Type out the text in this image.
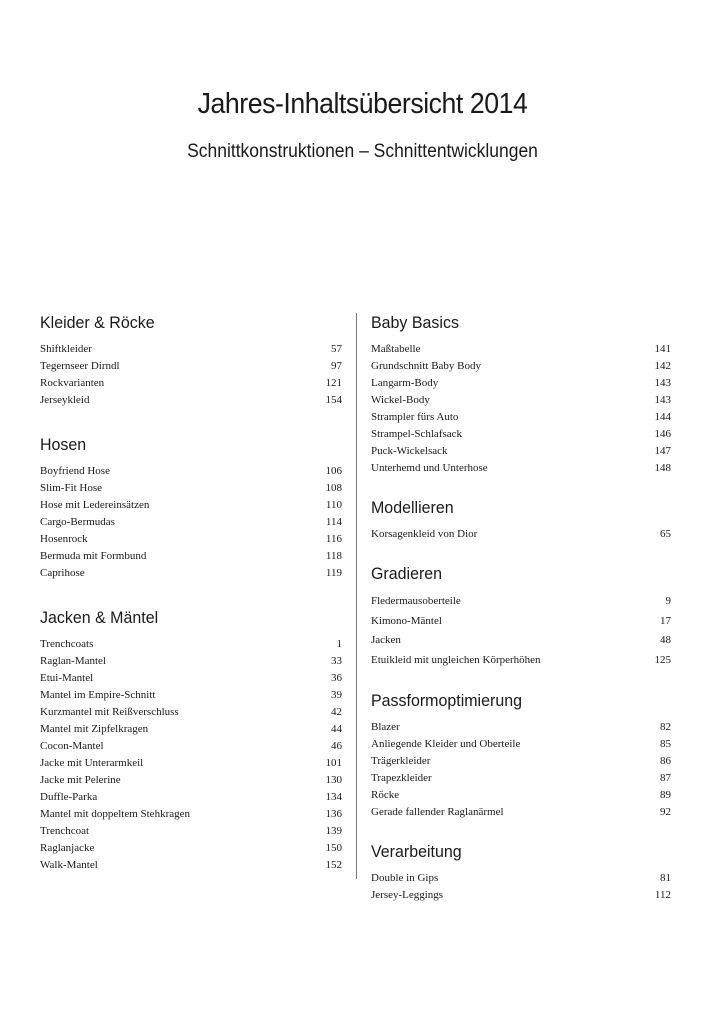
Jahres-Inhaltsübersicht 2014
Schnittkonstruktionen – Schnittentwicklungen
Kleider & Röcke
Shiftkleider	57
Tegernseer Dirndl	97
Rockvarianten	121
Jerseykleid	154
Hosen
Boyfriend Hose	106
Slim-Fit Hose	108
Hose mit Ledereinsätzen	110
Cargo-Bermudas	114
Hosenrock	116
Bermuda mit Formbund	118
Caprihose	119
Jacken & Mäntel
Trenchcoats	1
Raglan-Mantel	33
Etui-Mantel	36
Mantel im Empire-Schnitt	39
Kurzmantel mit Reißverschluss	42
Mantel mit Zipfelkragen	44
Cocon-Mantel	46
Jacke mit Unterarmkeil	101
Jacke mit Pelerine	130
Duffle-Parka	134
Mantel mit doppeltem Stehkragen	136
Trenchcoat	139
Raglanjacke	150
Walk-Mantel	152
Baby Basics
Maßtabelle	141
Grundschnitt Baby Body	142
Langarm-Body	143
Wickel-Body	143
Strampler fürs Auto	144
Strampel-Schlafsack	146
Puck-Wickelsack	147
Unterhemd und Unterhose	148
Modellieren
Korsagenkleid von Dior	65
Gradieren
Fledermausoberteile	9
Kimono-Mäntel	17
Jacken	48
Etuikleid mit ungleichen Körperhöhen	125
Passformoptimierung
Blazer	82
Anliegende Kleider und Oberteile	85
Trägerkleider	86
Trapezkleider	87
Röcke	89
Gerade fallender Raglanärmel	92
Verarbeitung
Double in Gips	81
Jersey-Leggings	112
